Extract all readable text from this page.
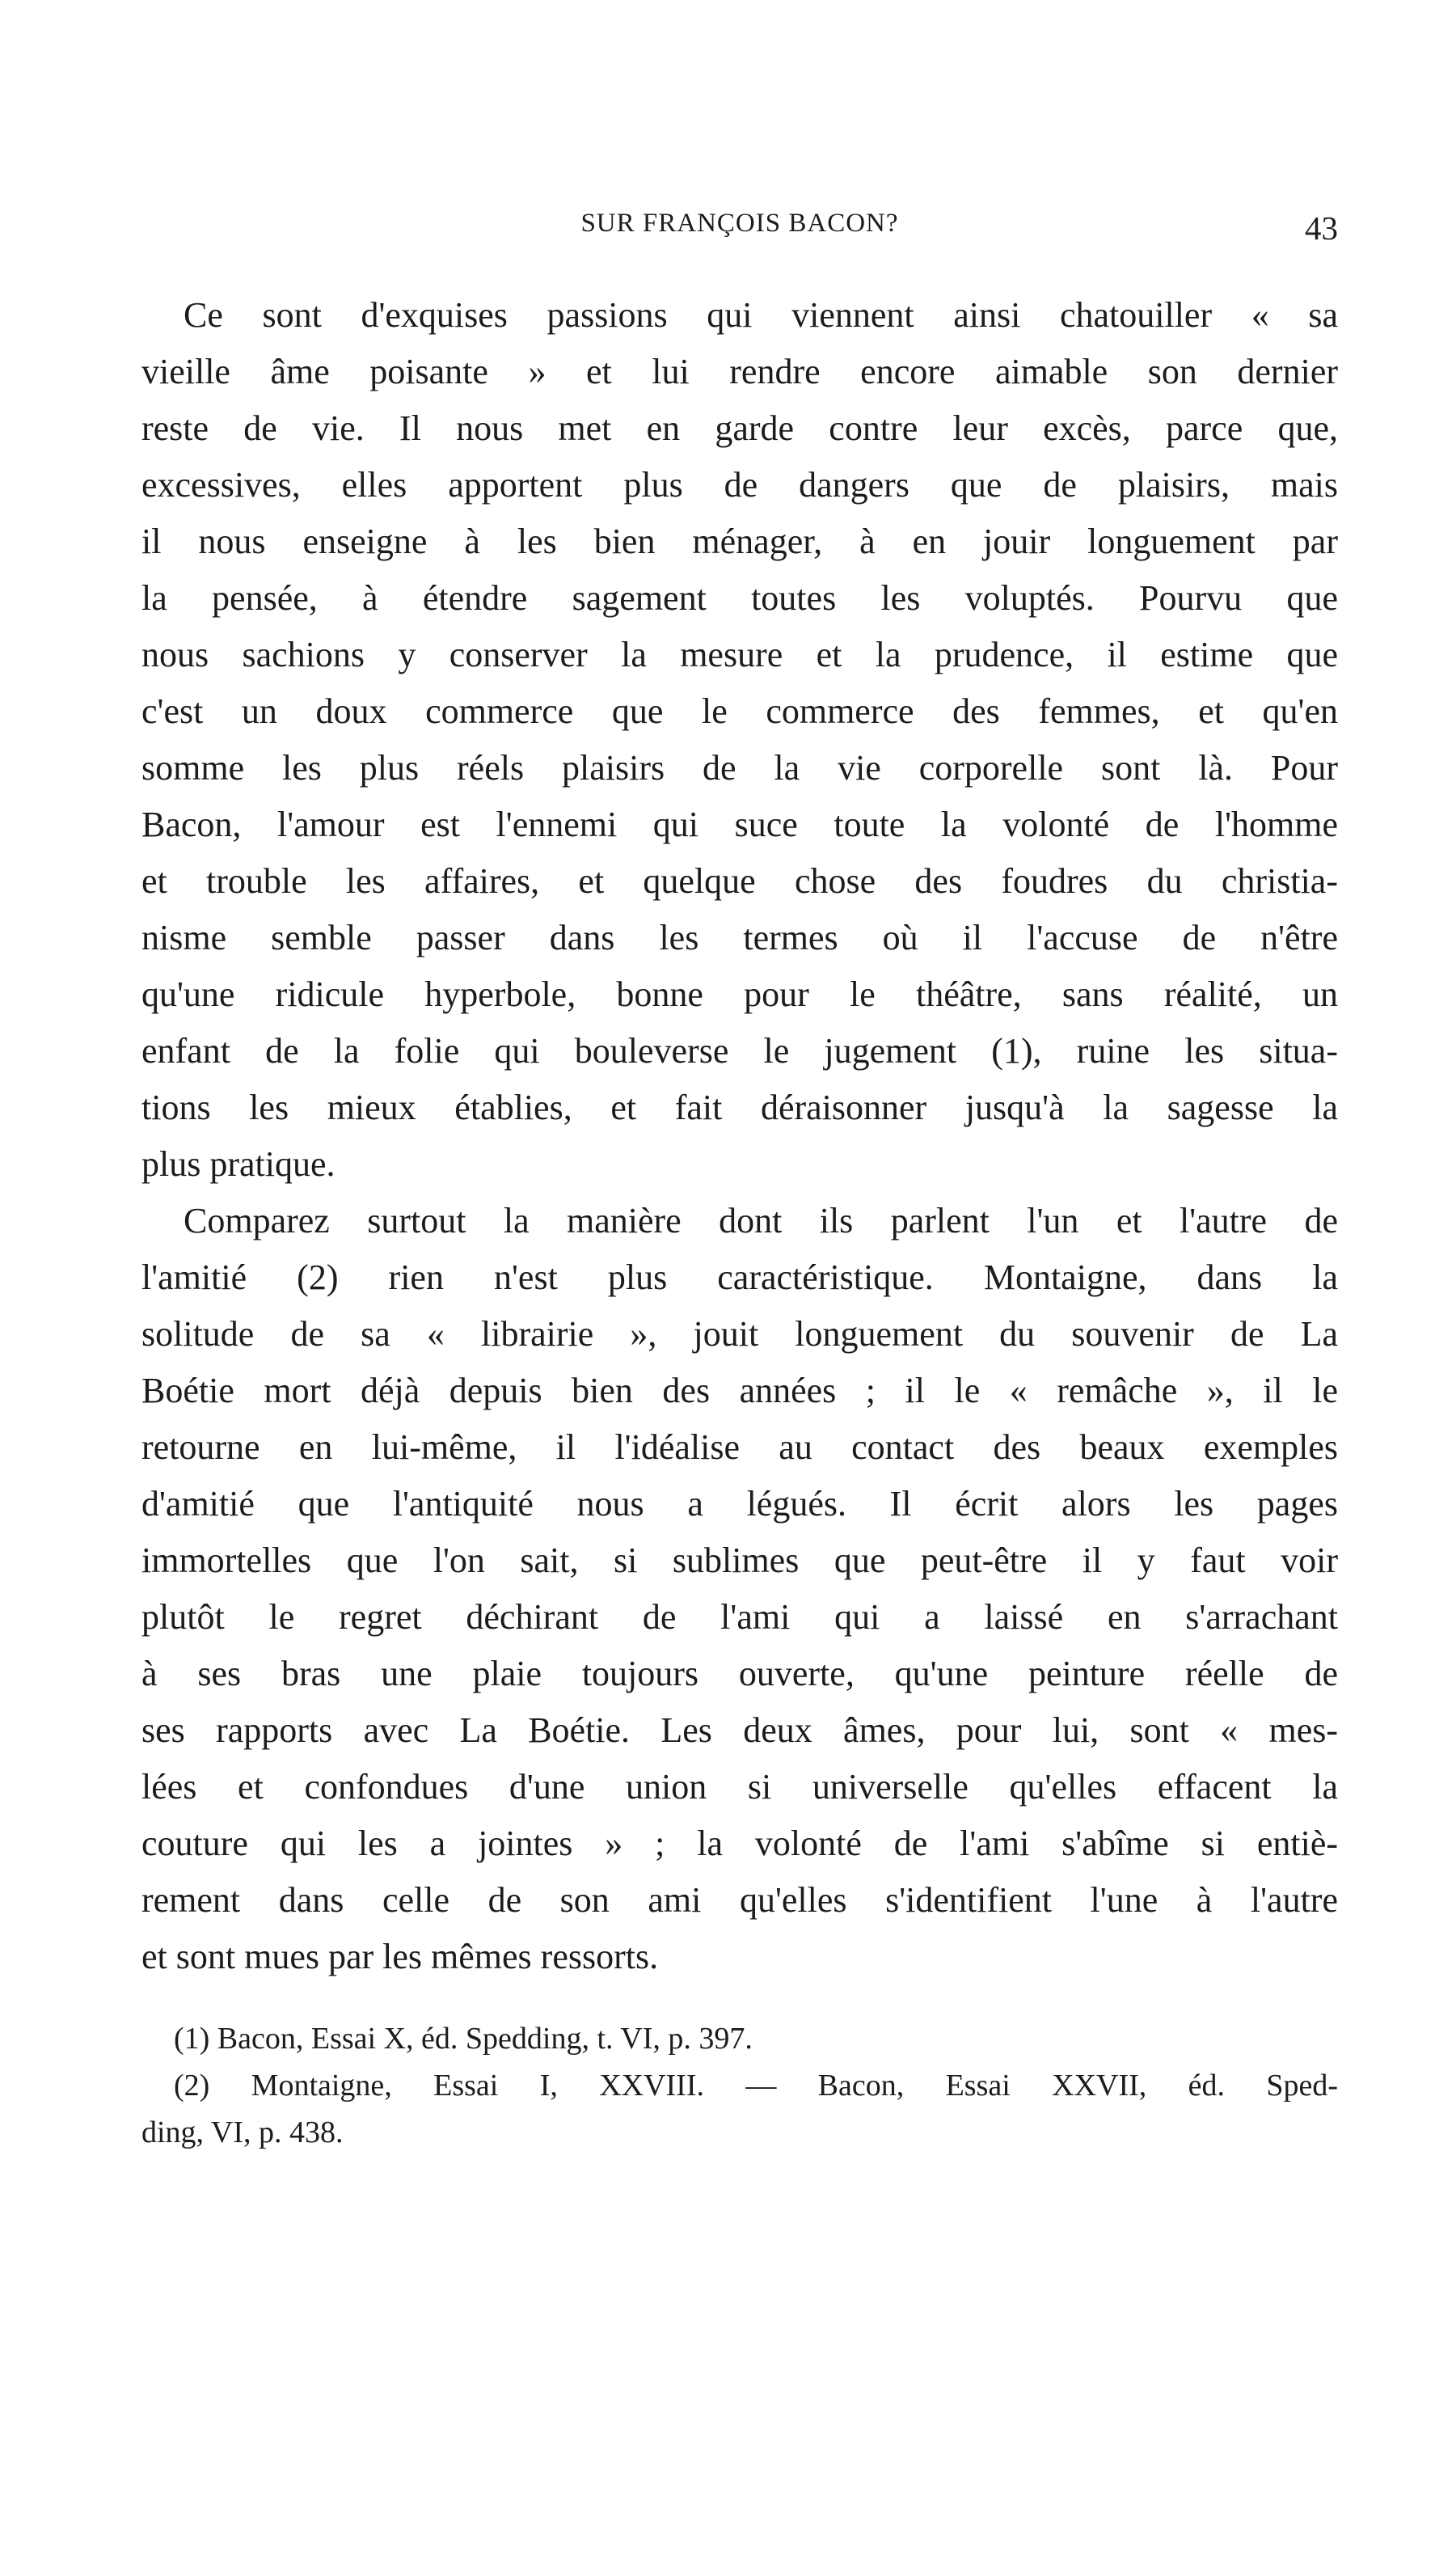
SUR FRANÇOIS BACON?	43
Ce sont d'exquises passions qui viennent ainsi chatouiller « sa
vieille âme poisante » et lui rendre encore aimable son dernier
reste de vie. Il nous met en garde contre leur excès, parce que,
excessives, elles apportent plus de dangers que de plaisirs, mais
il nous enseigne à les bien ménager, à en jouir longuement par
la pensée, à étendre sagement toutes les voluptés. Pourvu que
nous sachions y conserver la mesure et la prudence, il estime que
c'est un doux commerce que le commerce des femmes, et qu'en
somme les plus réels plaisirs de la vie corporelle sont là. Pour
Bacon, l'amour est l'ennemi qui suce toute la volonté de l'homme
et trouble les affaires, et quelque chose des foudres du christia-
nisme semble passer dans les termes où il l'accuse de n'être
qu'une ridicule hyperbole, bonne pour le théâtre, sans réalité, un
enfant de la folie qui bouleverse le jugement (1), ruine les situa-
tions les mieux établies, et fait déraisonner jusqu'à la sagesse la
plus pratique.
Comparez surtout la manière dont ils parlent l'un et l'autre de
l'amitié (2) rien n'est plus caractéristique. Montaigne, dans la
solitude de sa « librairie », jouit longuement du souvenir de La
Boétie mort déjà depuis bien des années ; il le « remâche », il le
retourne en lui-même, il l'idéalise au contact des beaux exemples
d'amitié que l'antiquité nous a légués. Il écrit alors les pages
immortelles que l'on sait, si sublimes que peut-être il y faut voir
plutôt le regret déchirant de l'ami qui a laissé en s'arrachant
à ses bras une plaie toujours ouverte, qu'une peinture réelle de
ses rapports avec La Boétie. Les deux âmes, pour lui, sont « mes-
lées et confondues d'une union si universelle qu'elles effacent la
couture qui les a jointes » ; la volonté de l'ami s'abîme si entiè-
rement dans celle de son ami qu'elles s'identifient l'une à l'autre
et sont mues par les mêmes ressorts.
(1) Bacon, Essai X, éd. Spedding, t. VI, p. 397.
(2) Montaigne, Essai I, XXVIII. — Bacon, Essai XXVII, éd. Sped-
ding, VI, p. 438.
